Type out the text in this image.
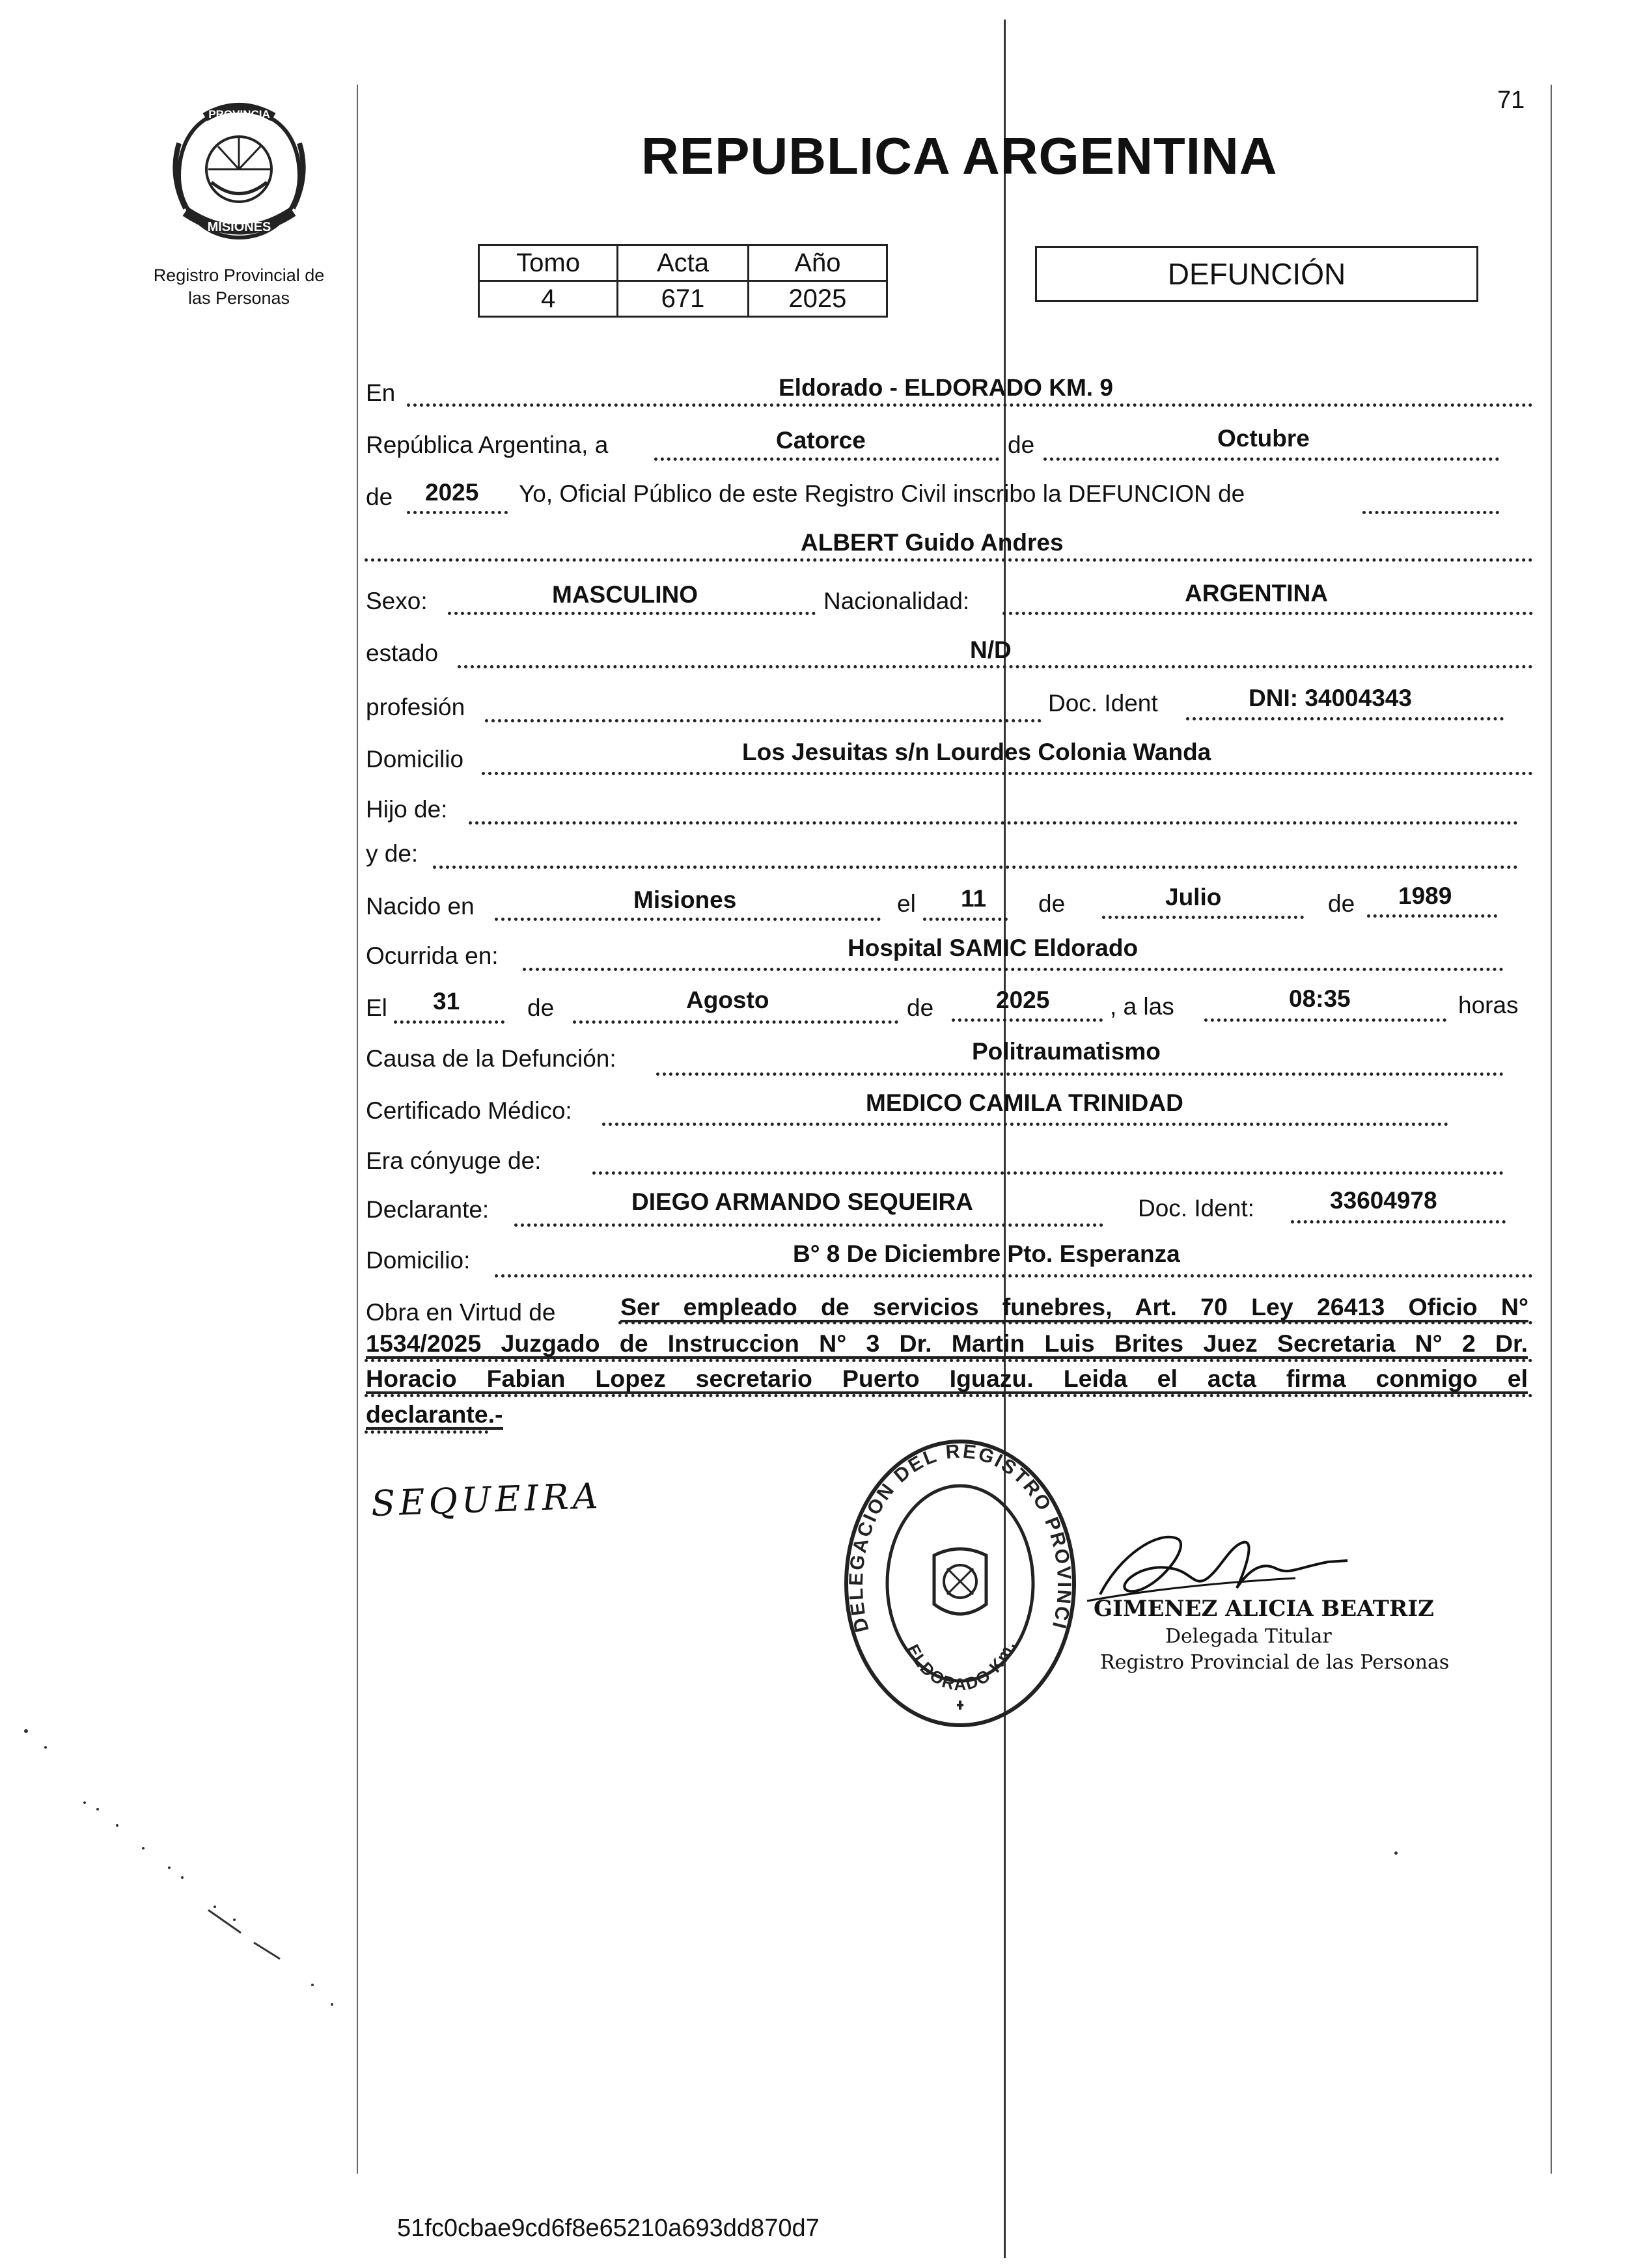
71
PROVINCIA DE
MISIONES
Registro Provincial de
las Personas
REPUBLICA ARGENTINA
Tomo	Acta	Año
4	671	2025
DEFUNCIÓN
En	Eldorado - ELDORADO KM. 9
República Argentina, a	Catorce	de	Octubre
de 2025 Yo, Oficial Público de este Registro Civil inscribo la DEFUNCION de
ALBERT Guido Andres
Sexo:	MASCULINO	Nacionalidad:	ARGENTINA
estado	N/D
profesión	Doc. Ident	DNI: 34004343
Domicilio	Los Jesuitas s/n Lourdes Colonia Wanda
Hijo de:
y de:
Nacido en	Misiones	el 11 de	Julio	de 1989
Ocurrida en:	Hospital SAMIC Eldorado
El 31	de	Agosto	de	2025	, a las	08:35	horas
Causa de la Defunción:	Politraumatismo
Certificado Médico:	MEDICO CAMILA TRINIDAD
Era cónyuge de:
Declarante:	DIEGO ARMANDO SEQUEIRA	Doc. Ident:	33604978
Domicilio:	B° 8 De Diciembre Pto. Esperanza
Obra en Virtud de	Ser empleado de servicios funebres, Art. 70 Ley 26413 Oficio N°
1534/2025 Juzgado de Instruccion N° 3 Dr. Martin Luis Brites Juez Secretaria N° 2 Dr.
Horacio Fabian Lopez secretario Puerto Iguazu. Leida el acta firma conmigo el
declarante.-
SEQUEIRA
DELEGACION DEL REGISTRO PROVINCI
ELDORADO Km.
GIMENEZ ALICIA BEATRIZ
Delegada Titular
Registro Provincial de las Personas
51fc0cbae9cd6f8e65210a693dd870d7
